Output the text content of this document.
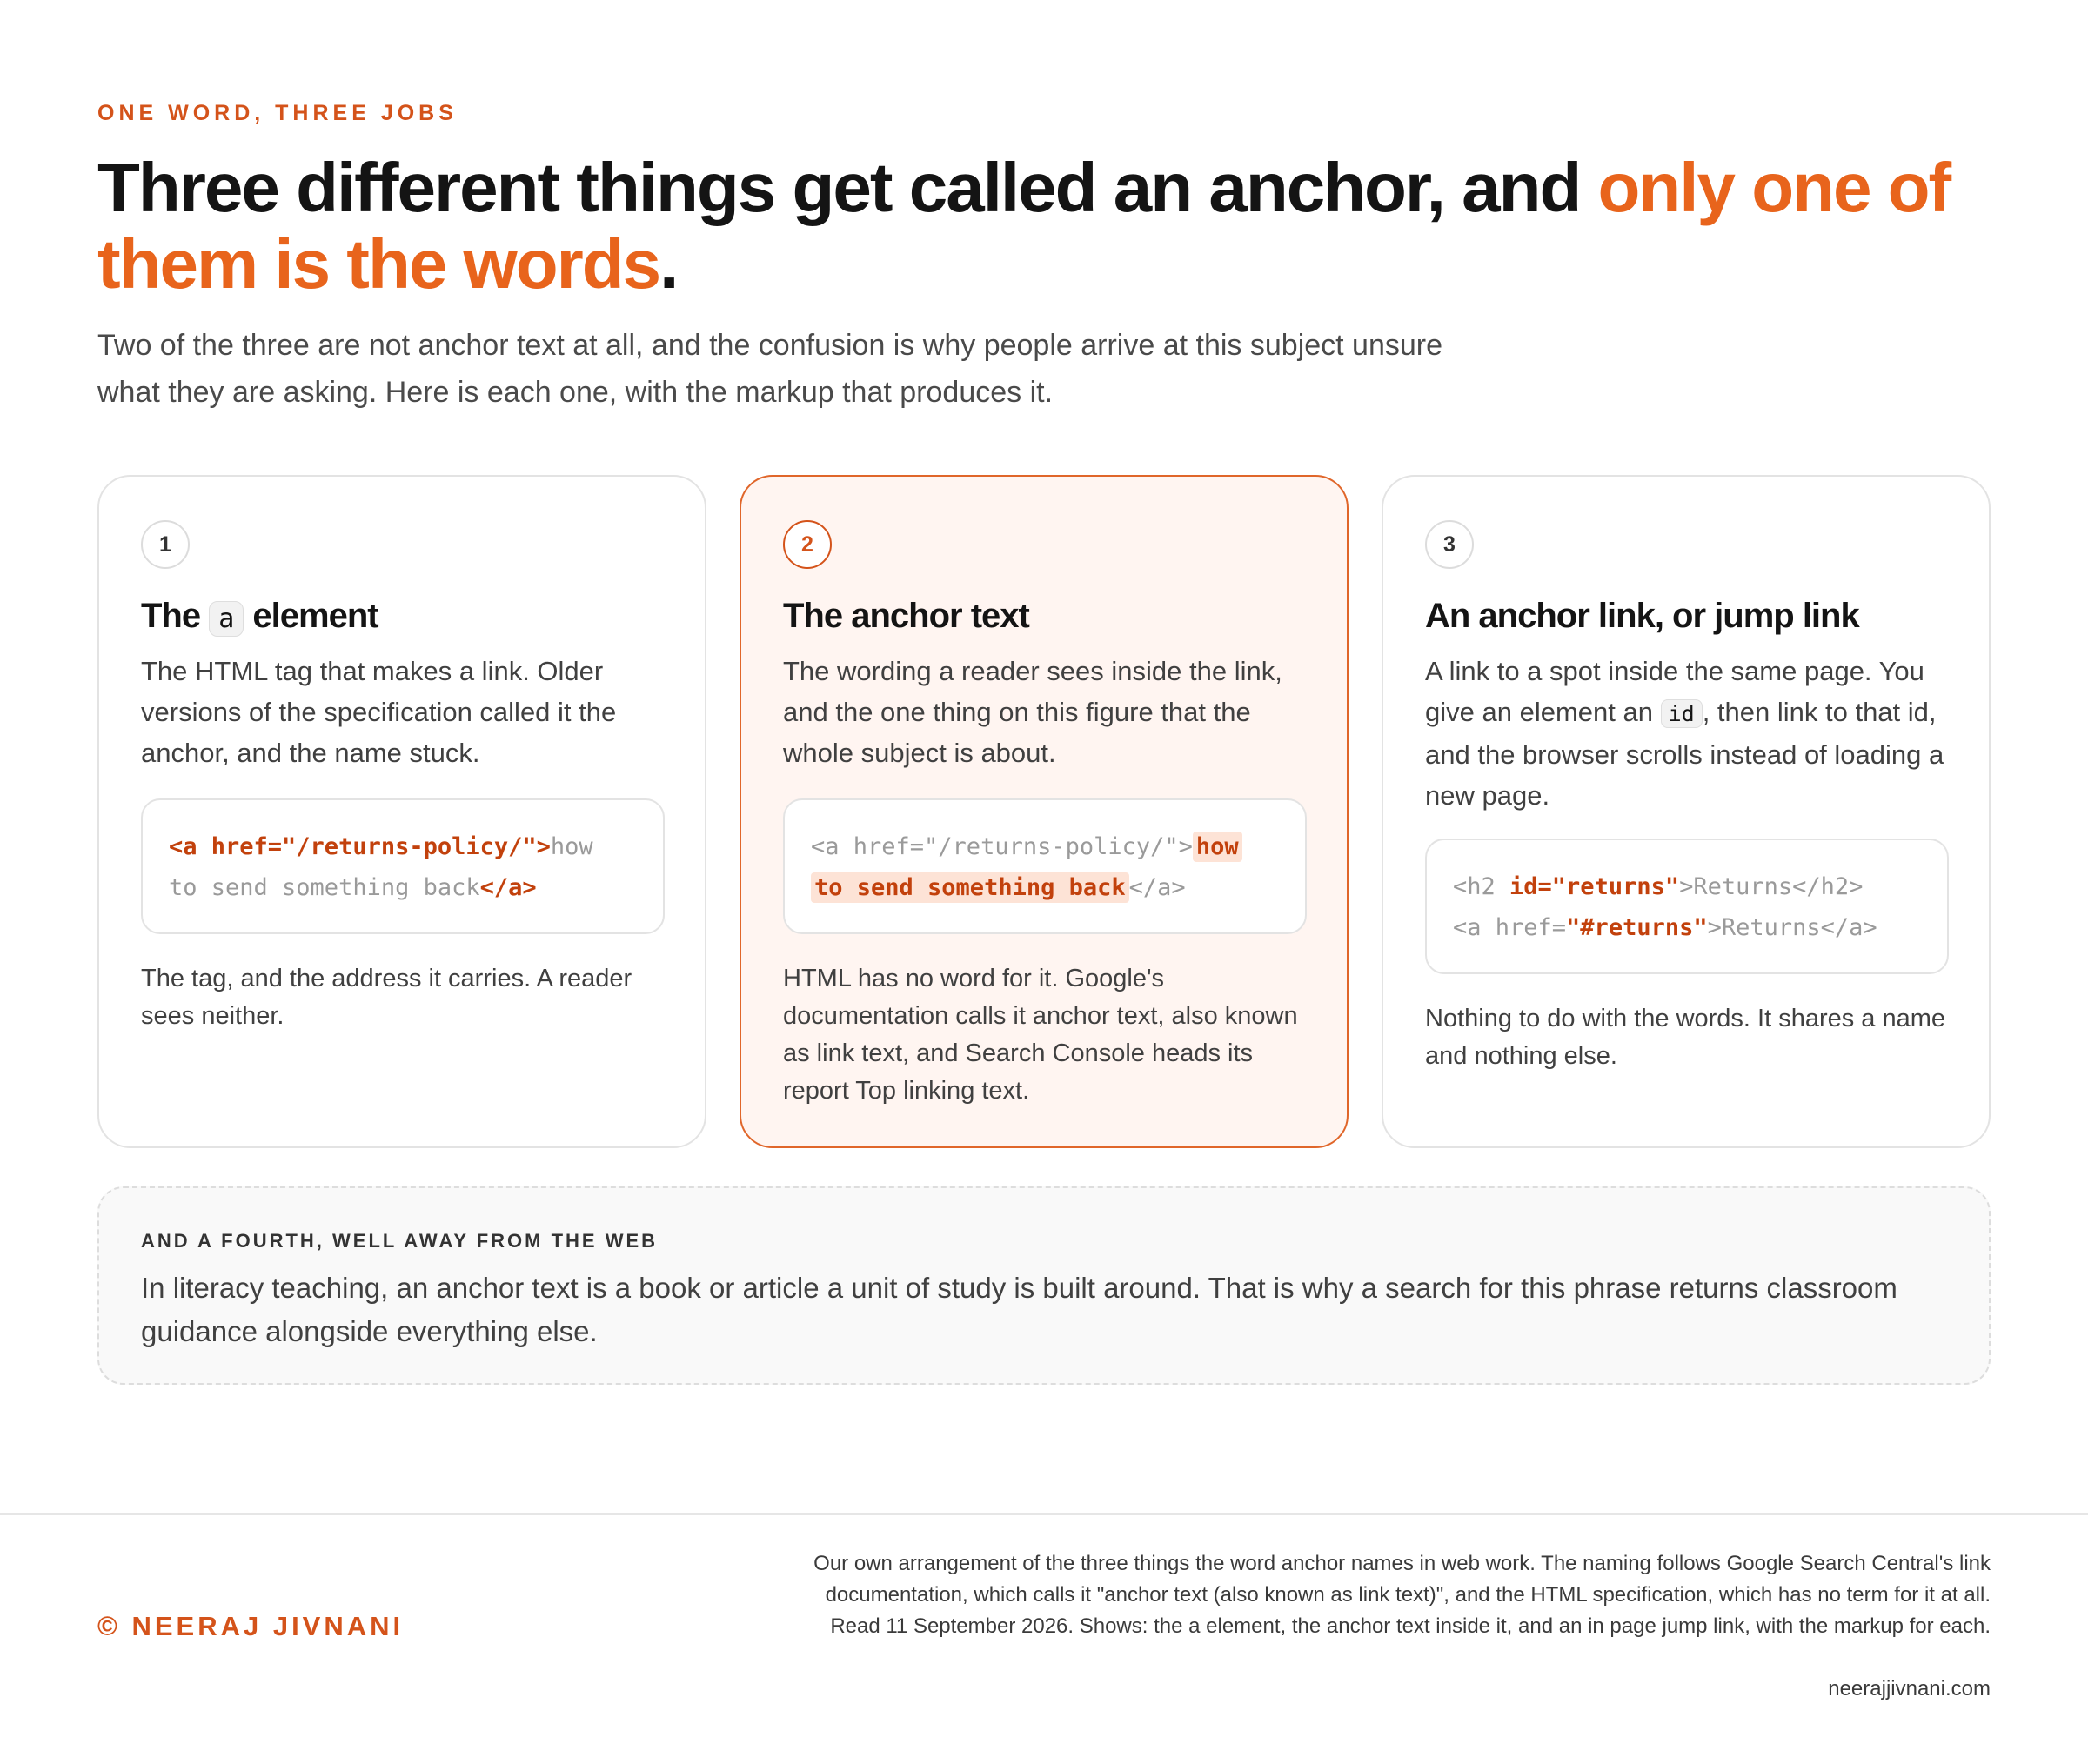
ONE WORD, THREE JOBS
Three different things get called an anchor, and only one of them is the words.

Two of the three are not anchor text at all, and the confusion is why people arrive at this subject unsure what they are asking. Here is each one, with the markup that produces it.

1
The a element

The HTML tag that makes a link. Older versions of the specification called it the anchor, and the name stuck.

<a href="/returns-policy/">how
to send something back</a>

The tag, and the address it carries. A reader sees neither.

2
The anchor text

The wording a reader sees inside the link, and the one thing on this figure that the whole subject is about.

<a href="/returns-policy/"> how
to send something back </a>

HTML has no word for it. Google's documentation calls it anchor text, also known as link text, and Search Console heads its report Top linking text.

3
An anchor link, or jump link

A link to a spot inside the same page. You give an element an id , then link to that id, and the browser scrolls instead of loading a new page.

<h2 id="returns">Returns</h2>
<a href="#returns">Returns</a>

Nothing to do with the words. It shares a name and nothing else.

AND A FOURTH, WELL AWAY FROM THE WEB

In literacy teaching, an anchor text is a book or article a unit of study is built around. That is why a search for this phrase returns classroom guidance alongside everything else.

© NEERAJ JIVNANI

Our own arrangement of the three things the word anchor names in web work. The naming follows Google Search Central's link documentation, which calls it "anchor text (also known as link text)", and the HTML specification, which has no term for it at all. Read 11 September 2026. Shows: the a element, the anchor text inside it, and an in page jump link, with the markup for each.

neerajjivnani.com
